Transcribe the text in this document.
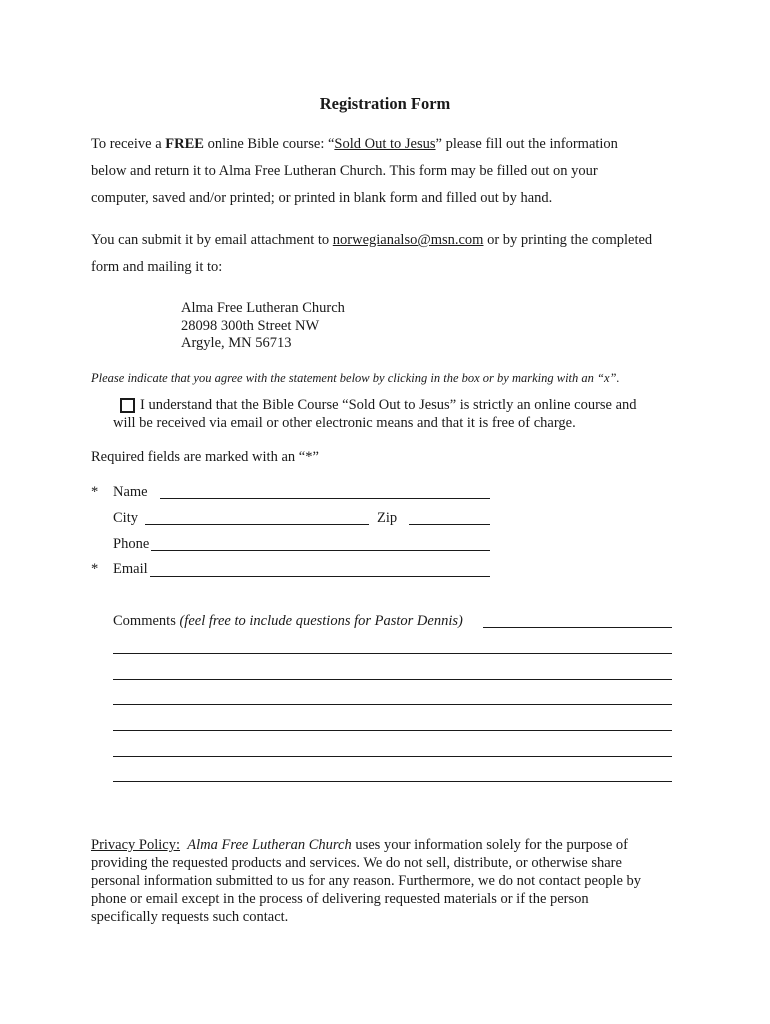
Registration Form
To receive a FREE online Bible course: “Sold Out to Jesus” please fill out the information
below and return it to Alma Free Lutheran Church. This form may be filled out on your
computer, saved and/or printed; or printed in blank form and filled out by hand.
You can submit it by email attachment to norwegianalso@msn.com or by printing the completed
form and mailing it to:
Alma Free Lutheran Church
28098 300th Street NW
Argyle, MN 56713
Please indicate that you agree with the statement below by clicking in the box or by marking with an “x”.
I understand that the Bible Course “Sold Out to Jesus” is strictly an online course and
will be received via email or other electronic means and that it is free of charge.
Required fields are marked with an “*”
* Name
City	Zip
Phone
* Email
Comments (feel free to include questions for Pastor Dennis)
Privacy Policy: Alma Free Lutheran Church uses your information solely for the purpose of
providing the requested products and services. We do not sell, distribute, or otherwise share
personal information submitted to us for any reason. Furthermore, we do not contact people by
phone or email except in the process of delivering requested materials or if the person
specifically requests such contact.
